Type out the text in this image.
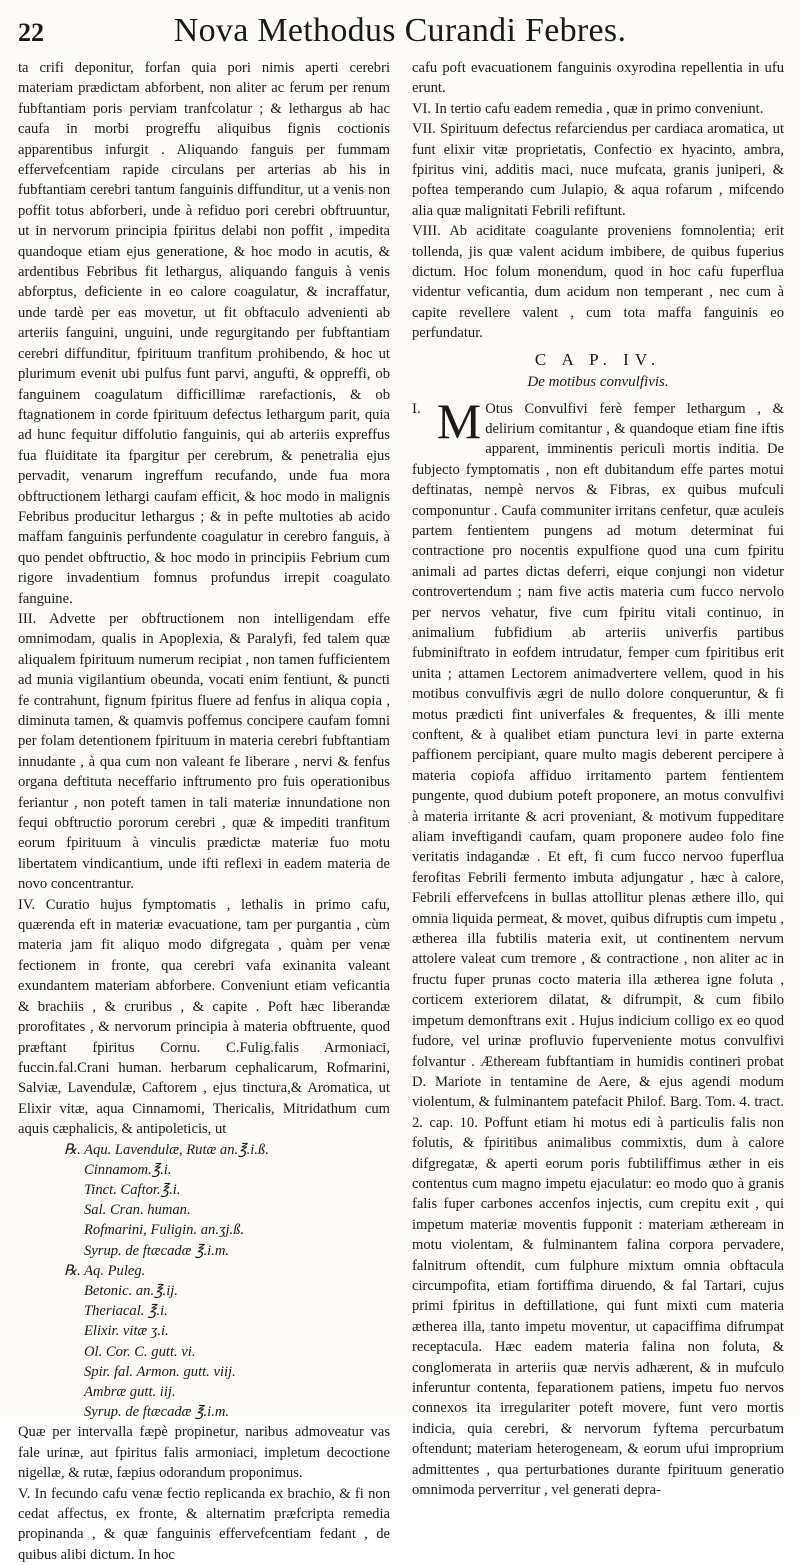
22	Nova Methodus Curandi Febres.

ta crifi deponitur, forfan quia pori nimis aperti cerebri materiam prædictam abforbent, non aliter ac ferum per renum fubftantiam poris perviam tranfcolatur ; & lethargus ab hac caufa in morbi progreffu aliquibus fignis coctionis apparentibus infurgit . Aliquando fanguis per fummam effervefcentiam rapide circulans per arterias ab his in fubftantiam cerebri tantum fanguinis diffunditur, ut a venis non poffit totus abforberi, unde à refiduo pori cerebri obftruuntur, ut in nervorum principia fpiritus delabi non poffit , impedita quandoque etiam ejus generatione, & hoc modo in acutis, & ardentibus Febribus fit lethargus, aliquando fanguis à venis abforptus, deficiente in eo calore coagulatur, & incraffatur, unde tardè per eas movetur, ut fit obftaculo advenienti ab arteriis fanguini, unguini, unde regurgitando per fubftantiam cerebri diffunditur, fpirituum tranfitum prohibendo, & hoc ut plurimum evenit ubi pulfus funt parvi, angufti, & oppreffi, ob fanguinem coagulatum difficillimæ rarefactionis, & ob ftagnationem in corde fpirituum defectus lethargum parit, quia ad hunc fequitur diffolutio fanguinis, qui ab arteriis expreffus fua fluiditate ita fpargitur per cerebrum, & penetralia ejus pervadit, venarum ingreffum recufando, unde fua mora obftructionem lethargi caufam efficit, & hoc modo in malignis Febribus producitur lethargus ; & in pefte multoties ab acido maffam fanguinis perfundente coagulatur in cerebro fanguis, à quo pendet obftructio, & hoc modo in principiis Febrium cum rigore invadentium fomnus profundus irrepit coagulato fanguine.

III. Advette per obftructionem non intelligendam effe omnimodam, qualis in Apoplexia, & Paralyfi, fed talem quæ aliqualem fpirituum numerum recipiat , non tamen fufficientem ad munia vigilantium obeunda, vocati enim fentiunt, & puncti fe contrahunt, fignum fpiritus fluere ad fenfus in aliqua copia , diminuta tamen, & quamvis poffemus concipere caufam fomni per folam detentionem fpirituum in materia cerebri fubftantiam innudante , à qua cum non valeant fe liberare , nervi & fenfus organa deftituta neceffario inftrumento pro fuis operationibus feriantur , non poteft tamen in tali materiæ innundatione non fequi obftructio pororum cerebri , quæ & impediti tranfitum eorum fpirituum à vinculis prædictæ materiæ fuo motu libertatem vindicantium, unde ifti reflexi in eadem materia de novo concentrantur.

IV. Curatio hujus fymptomatis , lethalis in primo cafu, quærenda eft in materiæ evacuatione, tam per purgantia , cùm materia jam fit aliquo modo difgregata , quàm per venæ fectionem in fronte, qua cerebri vafa exinanita valeant exundantem materiam abforbere. Conveniunt etiam veficantia & brachiis , & cruribus , & capite . Poft hæc liberandæ prorofitates , & nervorum principia à materia obftruente, quod præftant fpiritus Cornu. C.Fulig.falis Armoniaci, fuccin.fal.Crani human. herbarum cephalicarum, Rofmarini, Salviæ, Lavendulæ, Caftorem , ejus tinctura,& Aromatica, ut Elixir vitæ, aqua Cinnamomi, Thericalis, Mitridathum cum aquis cæphalicis, & antipoleticis, ut

℞. Aqu. Lavendulæ, Rutæ an.℥.i.ß.

Cinnamom.℥.i.

Tinct. Caftor.℥.i.

Sal. Cran. human.

Rofmarini, Fuligin. an.ʒj.ß.

Syrup. de ftæcadæ ℥.i.m.

℞. Aq. Puleg.

Betonic. an.℥.ij.

Theriacal. ℥.i.

Elixir. vitæ ʒ.i.

Ol. Cor. C. gutt. vi.

Spir. fal. Armon. gutt. viij.

Ambræ gutt. iij.

Syrup. de ftæcadæ ℥.i.m.

Quæ per intervalla fæpè propinetur, naribus admoveatur vas fale urinæ, aut fpiritus falis armoniaci, impletum decoctione nigellæ, & rutæ, fæpius odorandum proponimus.

V. In fecundo cafu venæ fectio replicanda ex brachio, & fi non cedat affectus, ex fronte, & alternatim præfcripta remedia propinanda , & quæ fanguinis effervefcentiam fedant , de quibus alibi dictum. In hoc

cafu poft evacuationem fanguinis oxyrodina repellentia in ufu erunt.

VI. In tertio cafu eadem remedia , quæ in primo conveniunt.

VII. Spirituum defectus refarciendus per cardiaca aromatica, ut funt elixir vitæ proprietatis, Confectio ex hyacinto, ambra, fpiritus vini, additis maci, nuce mufcata, granis juniperi, & poftea temperando cum Julapio, & aqua rofarum , mifcendo alia quæ malignitati Febrili refiftunt.

VIII. Ab aciditate coagulante proveniens fomnolentia; erit tollenda, jis quæ valent acidum imbibere, de quibus fuperius dictum. Hoc folum monendum, quod in hoc cafu fuperflua videntur veficantia, dum acidum non temperant , nec cum à capite revellere valent , cum tota maffa fanguinis eo perfundatur.

C A P. IV.
De motibus convulfivis.

I. M Otus Convulfivi ferè femper lethargum , & delirium comitantur , & quandoque etiam fine iftis apparent, imminentis periculi mortis inditia. De fubjecto fymptomatis , non eft dubitandum effe partes motui deftinatas, nempè nervos & Fibras, ex quibus mufculi componuntur . Caufa communiter irritans cenfetur, quæ aculeis partem fentientem pungens ad motum determinat fui contractione pro nocentis expulfione quod una cum fpiritu animali ad partes dictas deferri, eique conjungi non videtur controvertendum ; nam five actis materia cum fucco nervolo per nervos vehatur, five cum fpiritu vitali continuo, in animalium fubfidium ab arteriis univerfis partibus fubminiftrato in eofdem intrudatur, femper cum fpiritibus erit unita ; attamen Lectorem animadvertere vellem, quod in his motibus convulfivis ægri de nullo dolore conqueruntur, & fi motus prædicti fint univerfales & frequentes, & illi mente conftent, & à qualibet etiam punctura levi in parte externa paffionem percipiant, quare multo magis deberent percipere à materia copiofa affiduo irritamento partem fentientem pungente, quod dubium poteft proponere, an motus convulfivi à materia irritante & acri proveniant, & motivum fuppeditare aliam inveftigandi caufam, quam proponere audeo folo fine veritatis indagandæ . Et eft, fi cum fucco nervoo fuperflua ferofitas Febrili fermento imbuta adjungatur , hæc à calore, Febrili effervefcens in bullas attollitur plenas æthere illo, qui omnia liquida permeat, & movet, quibus difruptis cum impetu , æthereа illa fubtilis materia exit, ut continentem nervum attolere valeat cum tremore , & contractione , non aliter ac in fructu fuper prunas cocto materia illa æthereа igne foluta , corticem exteriorem dilatat, & difrumpit, & cum fibilo impetum demonftrans exit . Hujus indicium colligo ex eo quod fudore, vel urinæ profluvio fuperveniente motus convulfivi folvantur . Æthereаm fubftantiam in humidis contineri probat D. Mariote in tentamine de Aere, & ejus agendi modum violentum, & fulminantem patefacit Philof. Barg. Tom. 4. tract. 2. cap. 10. Poffunt etiam hi motus edi à particulis falis non folutis, & fpiritibus animalibus commixtis, dum à calore difgregatæ, & aperti eorum poris fubtiliffimus æther in eis contentus cum magno impetu ejaculatur: eo modo quo à granis falis fuper carbones accenfos injectis, cum crepitu exit , qui impetum materiæ moventis fupponit : materiam æthereаm in motu violentam, & fulminantem falina corpora pervadere, falnitrum oftendit, cum fulphure mixtum omnia obftacula circumpofita, etiam fortiffima diruendo, & fal Tartari, cujus primi fpiritus in deftillatione, qui funt mixti cum materia æthereа illa, tanto impetu moventur, ut capaciffima difrumpat receptacula. Hæc eadem materia falina non foluta, & conglomerata in arteriis quæ nervis adhærent, & in mufculo inferuntur contenta, feparationem patiens, impetu fuo nervos connexos ita irregulariter poteft movere, funt vero mortis indicia, quia cerebri, & nervorum fyftema percurbatum oftendunt; materiam heterogeneam, & eorum ufui improprium admittentes , qua perturbationes durante fpirituum generatio omnimoda perverritur , vel generati depra-
